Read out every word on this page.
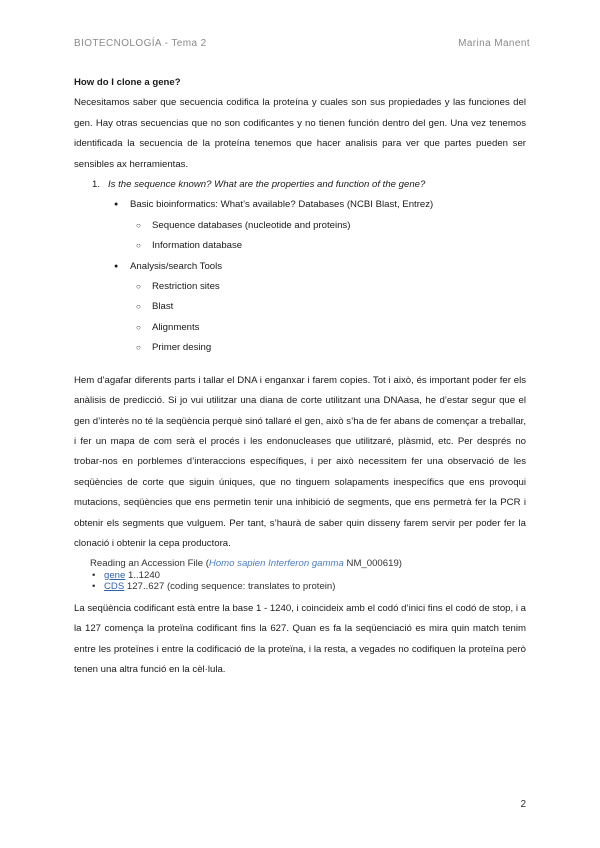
BIOTECNOLOGÍA - Tema 2	Marina Manent

How do I clone a gene?

Necesitamos saber que secuencia codifica la proteína y cuales son sus propiedades y las funciones del gen. Hay otras secuencias que no son codificantes y no tienen función dentro del gen. Una vez tenemos identificada la secuencia de la proteína tenemos que hacer analisis para ver que partes pueden ser sensibles ax herramientas.

1. Is the sequence known? What are the properties and function of the gene?
● Basic bioinformatics: What’s available? Databases (NCBI Blast, Entrez)
○ Sequence databases (nucleotide and proteins)
○ Information database
● Analysis/search Tools
○ Restriction sites
○ Blast
○ Alignments
○ Primer desing

Hem d’agafar diferents parts i tallar el DNA i enganxar i farem copies. Tot i això, és important poder fer els anàlisis de predicció. Si jo vui utilitzar una diana de corte utilitzant una DNAasa, he d’estar segur que el gen d’interès no té la seqüència perquè sinó tallaré el gen, això s’ha de fer abans de començar a treballar, i fer un mapa de com serà el procés i les endonucleases que utilitzaré, plàsmid, etc. Per després no trobar-nos en porblemes d’interaccions específiques, i per això necessitem fer una observació de les seqüències de corte que siguin úniques, que no tinguem solapaments inespecífics que ens provoqui mutacions, seqüències que ens permetin tenir una inhibició de segments, que ens permetrà fer la PCR i obtenir els segments que vulguem. Per tant, s’haurà de saber quin disseny farem servir per poder fer la clonació i obtenir la cepa productora.

Reading an Accession File (Homo sapien Interferon gamma NM_000619)
• gene 1..1240
• CDS 127..627 (coding sequence: translates to protein)

La seqüència codificant està entre la base 1 - 1240, i coincideix amb el codó d’inici fins el codó de stop, i a la 127 comença la proteïna codificant fins la 627. Quan es fa la seqüenciació es mira quin match tenim entre les proteïnes i entre la codificació de la proteïna, i la resta, a vegades no codifiquen la proteïna però tenen una altra funció en la cèl·lula.

2
